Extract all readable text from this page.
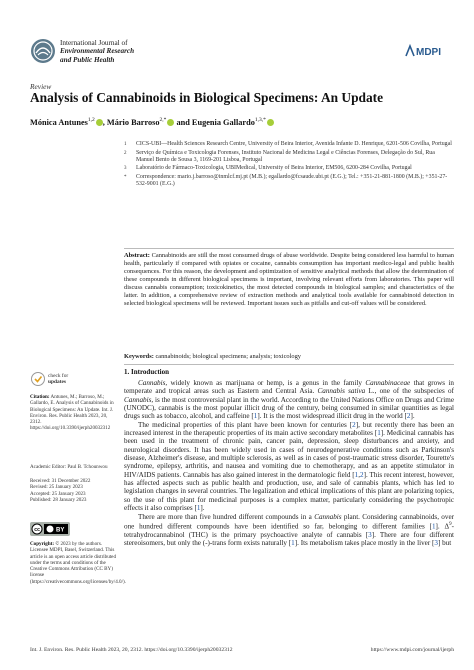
International Journal of
Environmental Research
and Public Health
MDPI
Review
Analysis of Cannabinoids in Biological Specimens: An Update
Mónica Antunes$^{1,2}$ , Mário Barroso$^{2,*}$ and Eugenia Gallardo$^{1,3,*}$
1	CICS-UBI—Health Sciences Research Centre, University of Beira Interior, Avenida Infante D. Henrique, 6201-506 Covilha, Portugal
2	Serviço de Química e Toxicologia Forenses, Instituto Nacional de Medicina Legal e Ciências Forenses, Delegação do Sul, Rua Manuel Bento de Sousa 3, 1169-201 Lisboa, Portugal
3	Laboratório de Fármaco-Toxicologia, UBIMedical, University of Beira Interior, EM506, 6200-284 Covilha, Portugal
*	Correspondence: mario.j.barroso@inmlcf.mj.pt (M.B.); egallardo@fcsaude.ubi.pt (E.G.); Tel.: +351-21-881-1800 (M.B.); +351-27-532-9001 (E.G.)
Abstract: Cannabinoids are still the most consumed drugs of abuse worldwide. Despite being considered less harmful to human health, particularly if compared with opiates or cocaine, cannabis consumption has important medico-legal and public health consequences. For this reason, the development and optimization of sensitive analytical methods that allow the determination of these compounds in different biological specimens is important, involving relevant efforts from laboratories. This paper will discuss cannabis consumption; toxicokinetics, the most detected compounds in biological samples; and characteristics of the latter. In addition, a comprehensive review of extraction methods and analytical tools available for cannabinoid detection in selected biological specimens will be reviewed. Important issues such as pitfalls and cut-off values will be considered.
Keywords: cannabinoids; biological specimens; analysis; toxicology
check for
updates
Citation: Antunes, M.; Barroso, M.; Gallardo, E. Analysis of Cannabinoids in Biological Specimens: An Update. Int. J. Environ. Res. Public Health 2023, 20, 2312. https://doi.org/10.3390/ijerph20032312
Academic Editor: Paul B. Tchounwou
Received: 31 December 2022
Revised: 25 January 2023
Accepted: 25 January 2023
Published: 28 January 2023
cc	BY
Copyright: © 2023 by the authors. Licensee MDPI, Basel, Switzerland. This article is an open access article distributed under the terms and conditions of the Creative Commons Attribution (CC BY) license (https://creativecommons.org/licenses/by/4.0/).
1. Introduction

Cannabis, widely known as marijuana or hemp, is a genus in the family Cannabinaceae that grows in temperate and tropical areas such as Eastern and Central Asia. Cannabis sativa L., one of the subspecies of Cannabis, is the most controversial plant in the world. According to the United Nations Office on Drugs and Crime (UNODC), cannabis is the most popular illicit drug of the century, being consumed in similar quantities as legal drugs such as tobacco, alcohol, and caffeine [1]. It is the most widespread illicit drug in the world [2].

The medicinal properties of this plant have been known for centuries [2], but recently there has been an increased interest in the therapeutic properties of its main active secondary metabolites [1]. Medicinal cannabis has been used in the treatment of chronic pain, cancer pain, depression, sleep disturbances and anxiety, and neurological disorders. It has been widely used in cases of neurodegenerative conditions such as Parkinson's disease, Alzheimer's disease, and multiple sclerosis, as well as in cases of post-traumatic stress disorder, Tourette's syndrome, epilepsy, arthritis, and nausea and vomiting due to chemotherapy, and as an appetite stimulator in HIV/AIDS patients. Cannabis has also gained interest in the dermatologic field [1,2]. This recent interest, however, has affected aspects such as public health and production, use, and sale of cannabis plants, which has led to legislation changes in several countries. The legalization and ethical implications of this plant are polarizing topics, so the use of this plant for medicinal purposes is a complex matter, particularly considering the psychotropic effects it also comprises [1].

There are more than five hundred different compounds in a Cannabis plant. Considering cannabinoids, over one hundred different compounds have been identified so far, belonging to different families [1]. $\Delta^9$-tetrahydrocannabinol (THC) is the primary psychoactive analyte of cannabis [3]. There are four different stereoisomers, but only the (-)-trans form exists naturally [1]. Its metabolism takes place mostly in the liver [3] but

Int. J. Environ. Res. Public Health 2023, 20, 2312. https://doi.org/10.3390/ijerph20032312	https://www.mdpi.com/journal/ijerph
